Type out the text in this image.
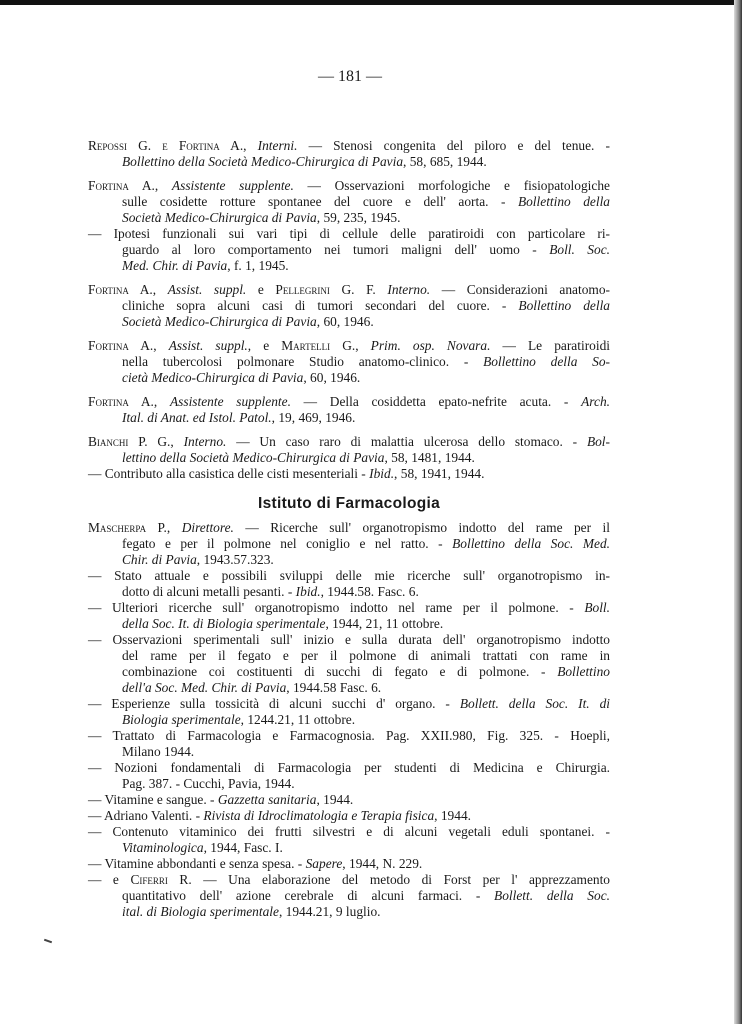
— 181 —
Repossi G. e Fortina A., Interni. — Stenosi congenita del piloro e del tenue. -
Bollettino della Società Medico-Chirurgica di Pavia, 58, 685, 1944.
Fortina A., Assistente supplente. — Osservazioni morfologiche e fisiopatologiche
sulle cosidette rotture spontanee del cuore e dell' aorta. - Bollettino della
Società Medico-Chirurgica di Pavia, 59, 235, 1945.
— Ipotesi funzionali sui vari tipi di cellule delle paratiroidi con particolare ri-
guardo al loro comportamento nei tumori maligni dell' uomo - Boll. Soc.
Med. Chir. di Pavia, f. 1, 1945.
Fortina A., Assist. suppl. e Pellegrini G. F. Interno. — Considerazioni anatomo-
cliniche sopra alcuni casi di tumori secondari del cuore. - Bollettino della
Società Medico-Chirurgica di Pavia, 60, 1946.
Fortina A., Assist. suppl., e Martelli G., Prim. osp. Novara. — Le paratiroidi
nella tubercolosi polmonare Studio anatomo-clinico. - Bollettino della So-
cietà Medico-Chirurgica di Pavia, 60, 1946.
Fortina A., Assistente supplente. — Della cosiddetta epato-nefrite acuta. - Arch.
Ital. di Anat. ed Istol. Patol., 19, 469, 1946.
Bianchi P. G., Interno. — Un caso raro di malattia ulcerosa dello stomaco. - Bol-
lettino della Società Medico-Chirurgica di Pavia, 58, 1481, 1944.
— Contributo alla casistica delle cisti mesenteriali - Ibid., 58, 1941, 1944.
Istituto di Farmacologia
Mascherpa P., Direttore. — Ricerche sull' organotropismo indotto del rame per il
fegato e per il polmone nel coniglio e nel ratto. - Bollettino della Soc. Med.
Chir. di Pavia, 1943.57.323.
— Stato attuale e possibili sviluppi delle mie ricerche sull' organotropismo in-
dotto di alcuni metalli pesanti. - Ibid., 1944.58. Fasc. 6.
— Ulteriori ricerche sull' organotropismo indotto nel rame per il polmone. - Boll.
della Soc. It. di Biologia sperimentale, 1944, 21, 11 ottobre.
— Osservazioni sperimentali sull' inizio e sulla durata dell' organotropismo indotto
del rame per il fegato e per il polmone di animali trattati con rame in
combinazione coi costituenti di succhi di fegato e di polmone. - Bollettino
dell'a Soc. Med. Chir. di Pavia, 1944.58 Fasc. 6.
— Esperienze sulla tossicità di alcuni succhi d' organo. - Bollett. della Soc. It. di
Biologia sperimentale, 1244.21, 11 ottobre.
— Trattato di Farmacologia e Farmacognosia. Pag. XXII.980, Fig. 325. - Hoepli,
Milano 1944.
— Nozioni fondamentali di Farmacologia per studenti di Medicina e Chirurgia.
Pag. 387. - Cucchi, Pavia, 1944.
— Vitamine e sangue. - Gazzetta sanitaria, 1944.
— Adriano Valenti. - Rivista di Idroclimatologia e Terapia fisica, 1944.
— Contenuto vitaminico dei frutti silvestri e di alcuni vegetali eduli spontanei. -
Vitaminologica, 1944, Fasc. I.
— Vitamine abbondanti e senza spesa. - Sapere, 1944, N. 229.
— e Ciferri R. — Una elaborazione del metodo di Forst per l' apprezzamento
quantitativo dell' azione cerebrale di alcuni farmaci. - Bollett. della Soc.
ital. di Biologia sperimentale, 1944.21, 9 luglio.
